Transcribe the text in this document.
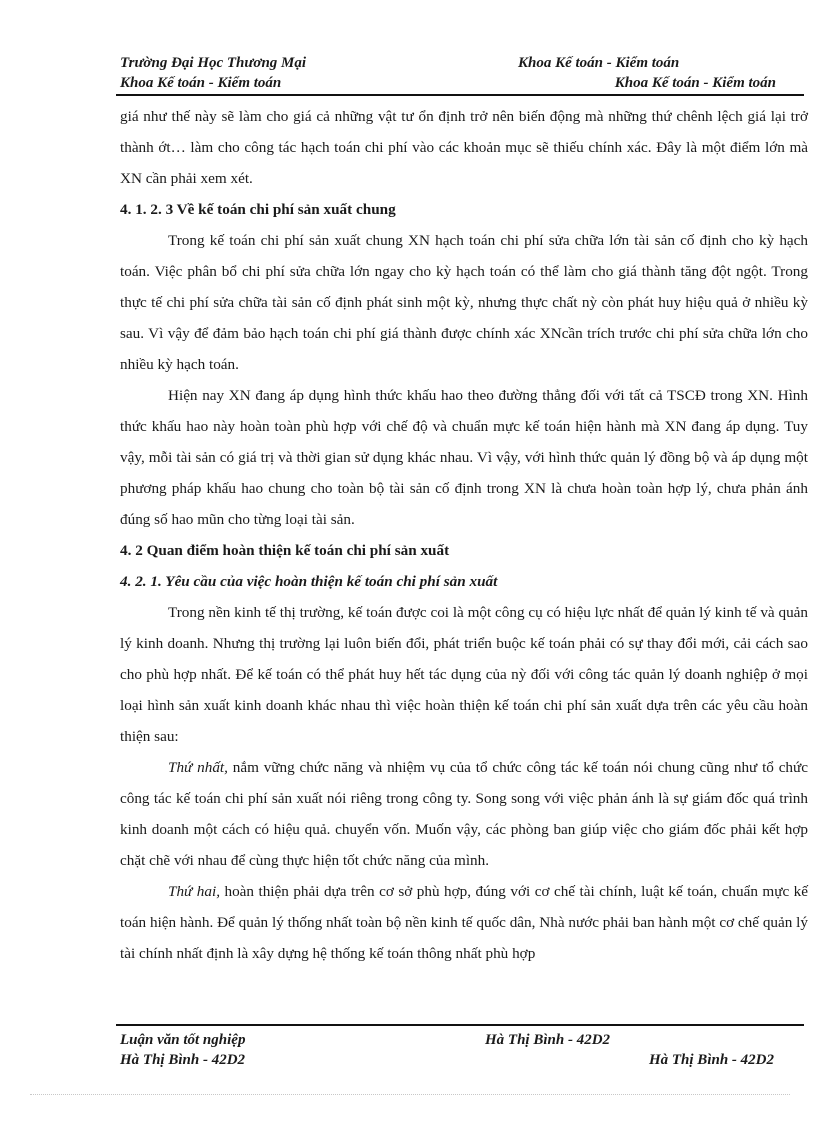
Trường Đại Học Thương Mại	Khoa Kế toán - Kiểm toán
Khoa Kế toán - Kiểm toán	Khoa Kế toán - Kiểm toán

giá như thế này sẽ làm cho giá cả những vật tư ổn định trở nên biến động mà những thứ chênh lệch giá lại trở thành ớt… làm cho công tác hạch toán chi phí vào các khoản mục sẽ thiếu chính xác. Đây là một điểm lớn mà XN cần phải xem xét.

4. 1. 2. 3 Về kế toán chi phí sản xuất chung

Trong kế toán chi phí sản xuất chung XN hạch toán chi phí sửa chữa lớn tài sản cố định cho kỳ hạch toán. Việc phân bổ chi phí sửa chữa lớn ngay cho kỳ hạch toán có thể làm cho giá thành tăng đột ngột. Trong thực tế chi phí sửa chữa tài sản cố định phát sinh một kỳ, nhưng thực chất nỳ còn phát huy hiệu quả ở nhiều kỳ sau. Vì vậy để đảm bảo hạch toán chi phí giá thành được chính xác XNcần trích trước chi phí sửa chữa lớn cho nhiều kỳ hạch toán.

Hiện nay XN đang áp dụng hình thức khấu hao theo đường thẳng đối với tất cả TSCĐ trong XN. Hình thức khấu hao này hoàn toàn phù hợp với chế độ và chuẩn mực kế toán hiện hành mà XN đang áp dụng. Tuy vậy, mỗi tài sản có giá trị và thời gian sử dụng khác nhau. Vì vậy, với hình thức quản lý đồng bộ và áp dụng một phương pháp khấu hao chung cho toàn bộ tài sản cố định trong XN là chưa hoàn toàn hợp lý, chưa phản ánh đúng số hao mũn cho từng loại tài sản.

4. 2 Quan điểm hoàn thiện kế toán chi phí sản xuất
4. 2. 1. Yêu cầu của việc hoàn thiện kế toán chi phí sản xuất

Trong nền kinh tế thị trường, kế toán được coi là một công cụ có hiệu lực nhất để quản lý kinh tế và quản lý kinh doanh. Nhưng thị trường lại luôn biến đổi, phát triển buộc kế toán phải có sự thay đổi mới, cải cách sao cho phù hợp nhất. Để kế toán có thể phát huy hết tác dụng của nỳ đối với công tác quản lý doanh nghiệp ở mọi loại hình sản xuất kinh doanh khác nhau thì việc hoàn thiện kế toán chi phí sản xuất dựa trên các yêu cầu hoàn thiện sau:

Thứ nhất, nắm vững chức năng và nhiệm vụ của tổ chức công tác kế toán nói chung cũng như tổ chức công tác kế toán chi phí sản xuất nói riêng trong công ty. Song song với việc phản ánh là sự giám đốc quá trình kinh doanh một cách có hiệu quả. chuyển vốn. Muốn vậy, các phòng ban giúp việc cho giám đốc phải kết hợp chặt chẽ với nhau để cùng thực hiện tốt chức năng của mình.

Thứ hai, hoàn thiện phải dựa trên cơ sở phù hợp, đúng với cơ chế tài chính, luật kế toán, chuẩn mực kế toán hiện hành. Để quản lý thống nhất toàn bộ nền kinh tế quốc dân, Nhà nước phải ban hành một cơ chế quản lý tài chính nhất định là xây dựng hệ thống kế toán thông nhất phù hợp

Luận văn tốt nghiệp	Hà Thị Bình - 42D2
Hà Thị Bình - 42D2	Hà Thị Bình - 42D2
